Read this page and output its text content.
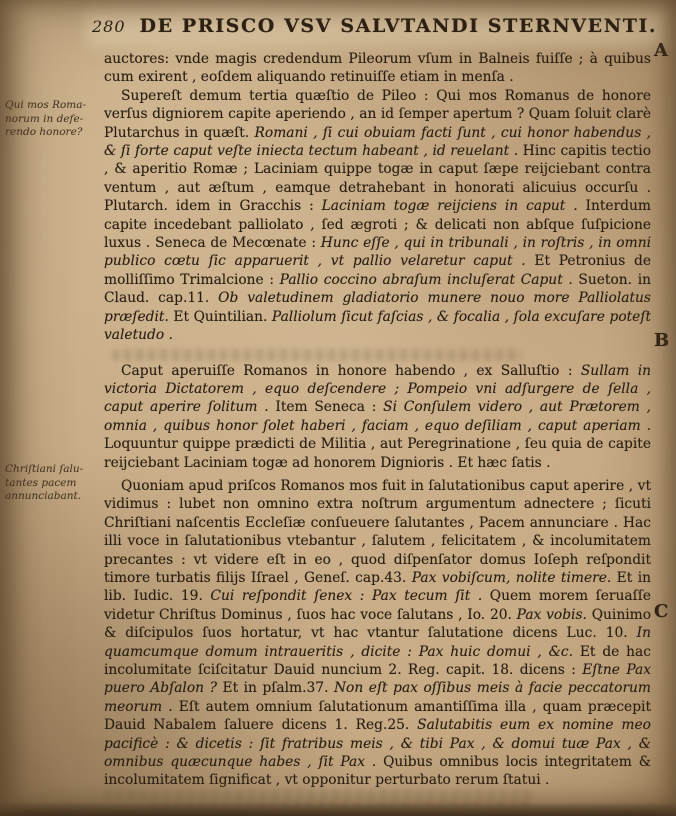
280 DE PRISCO VSV SALVTANDI STERNVENTI.
Qui mos Roma-
norum in defe-
rendo honore?
Chriſtiani ſalu-
tantes pacem
annunciabant.
A
B
C

auctores: vnde magis credendum Pileorum vſum in Balneis fuiſſe ; à quibus cum exirent , eoſdem aliquando retinuiſſe etiam in menſa .

Supereſt demum tertia quæſtio de Pileo : Qui mos Romanus de honore verſus digniorem capite aperiendo , an id ſemper apertum ? Quam ſoluit clarè Plutarchus in quæſt. Romani , ſi cui obuiam facti ſunt , cui honor habendus , & ſi forte caput veſte iniecta tectum habeant , id reuelant . Hinc capitis tectio , & aperitio Romæ ; Laciniam quippe togæ in caput ſæpe reijciebant contra ventum , aut æſtum , eamque detrahebant in honorati alicuius occurſu . Plutarch. idem in Gracchis : Laciniam togæ reijciens in caput . Interdum capite incedebant palliolato , ſed ægroti ; & delicati non abſque ſuſpicione luxus . Seneca de Mecœnate : Hunc eſſe , qui in tribunali , in roſtris , in omni publico cœtu ſic apparuerit , vt pallio velaretur caput . Et Petronius de molliſſimo Trimalcione : Pallio coccino abraſum incluſerat Caput . Sueton. in Claud. cap.11. Ob valetudinem gladiatorio munere nouo more Palliolatus præſedit. Et Quintilian. Palliolum ſicut faſcias , & focalia , ſola excuſare poteſt valetudo .

Caput aperuiſſe Romanos in honore habendo , ex Salluſtio : Sullam in victoria Dictatorem , equo deſcendere ; Pompeio vni adſurgere de ſella , caput aperire ſolitum . Item Seneca : Si Conſulem videro , aut Prætorem , omnia , quibus honor ſolet haberi , faciam , equo deſiliam , caput aperiam . Loquuntur quippe prædicti de Militia , aut Peregrinatione , ſeu quia de capite reijciebant Laciniam togæ ad honorem Dignioris . Et hæc ſatis .

Quoniam apud priſcos Romanos mos fuit in ſalutationibus caput aperire , vt vidimus : lubet non omnino extra noſtrum argumentum adnectere ; ſicuti Chriſtiani naſcentis Eccleſiæ conſueuere ſalutantes , Pacem annunciare . Hac illi voce in ſalutationibus vtebantur , ſalutem , felicitatem , & incolumitatem precantes : vt videre eſt in eo , quod diſpenſator domus Ioſeph reſpondit timore turbatis filijs Iſrael , Geneſ. cap.43. Pax vobiſcum, nolite timere. Et in lib. Iudic. 19. Cui reſpondit ſenex : Pax tecum ſit . Quem morem ſeruaſſe videtur Chriſtus Dominus , ſuos hac voce ſalutans , Io. 20. Pax vobis. Quinimo & diſcipulos ſuos hortatur, vt hac vtantur ſalutatione dicens Luc. 10. In quamcumque domum intraueritis , dicite : Pax huic domui , &c. Et de hac incolumitate ſciſcitatur Dauid nuncium 2. Reg. capit. 18. dicens : Eſtne Pax puero Abſalon ? Et in pſalm.37. Non eſt pax oſſibus meis à facie peccatorum meorum . Eſt autem omnium ſalutationum amantiſſima illa , quam præcepit Dauid Nabalem ſaluere dicens 1. Reg.25. Salutabitis eum ex nomine meo pacificè : & dicetis : ſit fratribus meis , & tibi Pax , & domui tuæ Pax , & omnibus quæcunque habes , ſit Pax . Quibus omnibus locis integritatem & incolumitatem ſignificat , vt opponitur perturbato rerum ſtatui .
